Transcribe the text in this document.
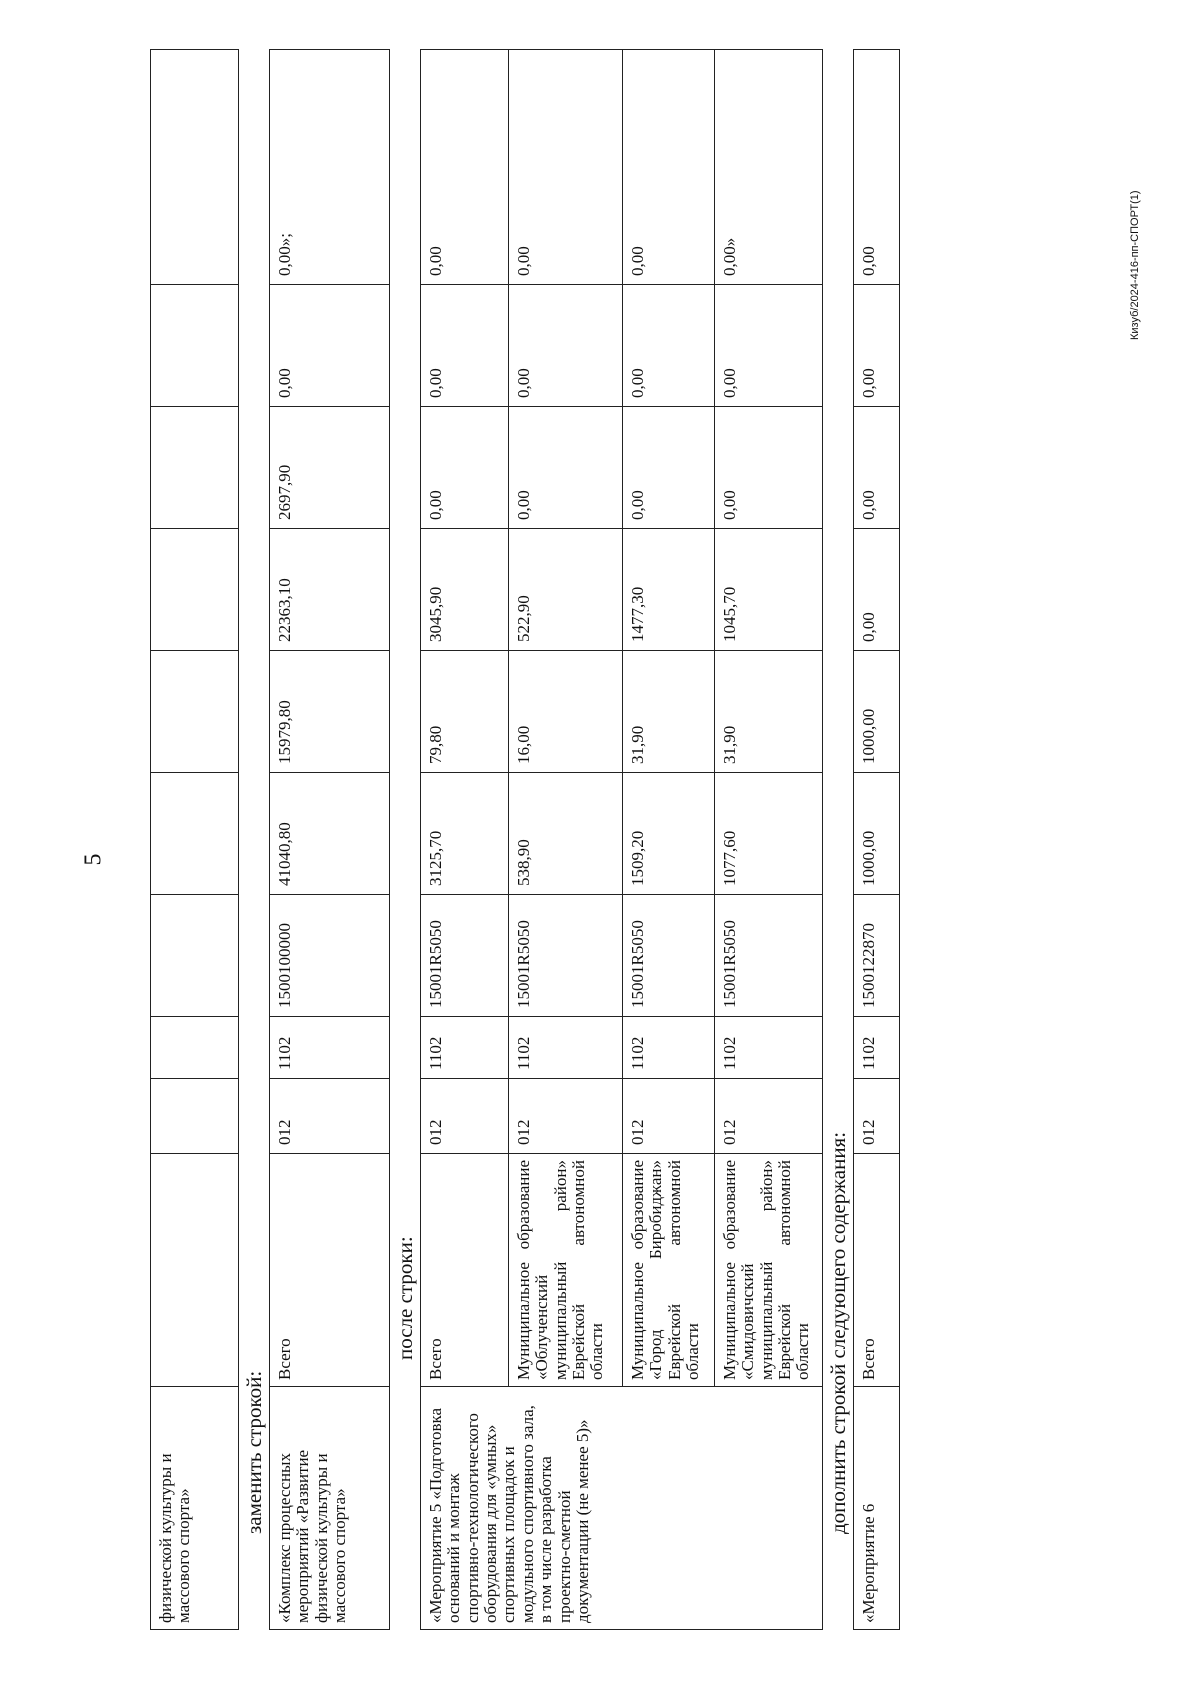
5
Кизуб/2024-416-пп-СПОРТ(1)
физической культуры и массового спорта»										
заменить строкой:
«Комплекс процессных мероприятий «Развитие физической культуры и массового спорта»	Всего	012	1102	1500100000	41040,80	15979,80	22363,10	2697,90	0,00	0,00»;
после строки:
«Мероприятие 5 «Подготовка оснований и монтаж спортивно-технологического оборудования для «умных» спортивных площадок и модульного спортивного зала, в том числе разработка проектно-сметной документации (не менее 5)»	Всего	012	1102	15001R5050	3125,70	79,80	3045,90	0,00	0,00	0,00
	Муниципальное образование «Облученский муниципальный район» Еврейской автономной области	012	1102	15001R5050	538,90	16,00	522,90	0,00	0,00	0,00
	Муниципальное образование «Город Биробиджан» Еврейской автономной области	012	1102	15001R5050	1509,20	31,90	1477,30	0,00	0,00	0,00
	Муниципальное образование «Смидовичский муниципальный район» Еврейской автономной области	012	1102	15001R5050	1077,60	31,90	1045,70	0,00	0,00	0,00»
дополнить строкой следующего содержания:
«Мероприятие 6	Всего	012	1102	1500122870	1000,00	1000,00	0,00	0,00	0,00	0,00
